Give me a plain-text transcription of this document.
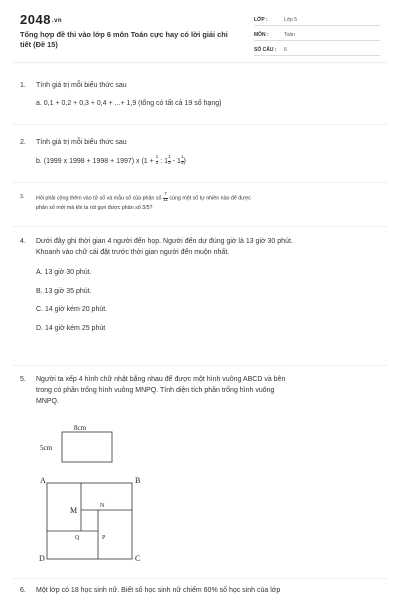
2048.vn
Tổng hợp đề thi vào lớp 6 môn Toán cực hay có lời giải chi tiết (Đề 15)
LỚP :	Lớp 5
MÔN :	Toán
SỐ CÂU : 6
1. Tính giá trị mỗi biểu thức sau
a. 0,1 + 0,2 + 0,3 + 0,4 + ...+ 1,9 (tổng có tất cả 19 số hạng)
2. Tính giá trị mỗi biểu thức sau
b. (1999 x 1998 + 1998 + 1997) x ($1 + \frac{1}{2}$ : $1 \frac{1}{2} - 1 \frac{1}{3}$ )
3. Hỏi phải cộng thêm vào tử số và mẫu số của phân số $\frac{7}{11}$ cùng một số tự nhiên nào để được
phân số mới mà khi ta rút gọn được phân số 3/5?
4. Dưới đây ghi thời gian 4 người đến họp. Người đến dự đúng giờ là 13 giờ 30 phút.
Khoanh vào chữ cái đặt trước thời gian người đến muộn nhất.
A. 13 giờ 30 phút.
B. 13 giờ 35 phút.
C. 14 giờ kém 20 phút.
D. 14 giờ kém 25 phút
5. Người ta xếp 4 hình chữ nhật bằng nhau để được một hình vuông ABCD và bên
trong có phần trống hình vuông MNPQ. Tính diện tích phần trống hình vuông
MNPQ.
8cm
5cm
A	B
C
D
M	N
P
Q
6. Một lớp có 18 học sinh nữ. Biết số học sinh nữ chiếm 60% số học sinh của lớp
